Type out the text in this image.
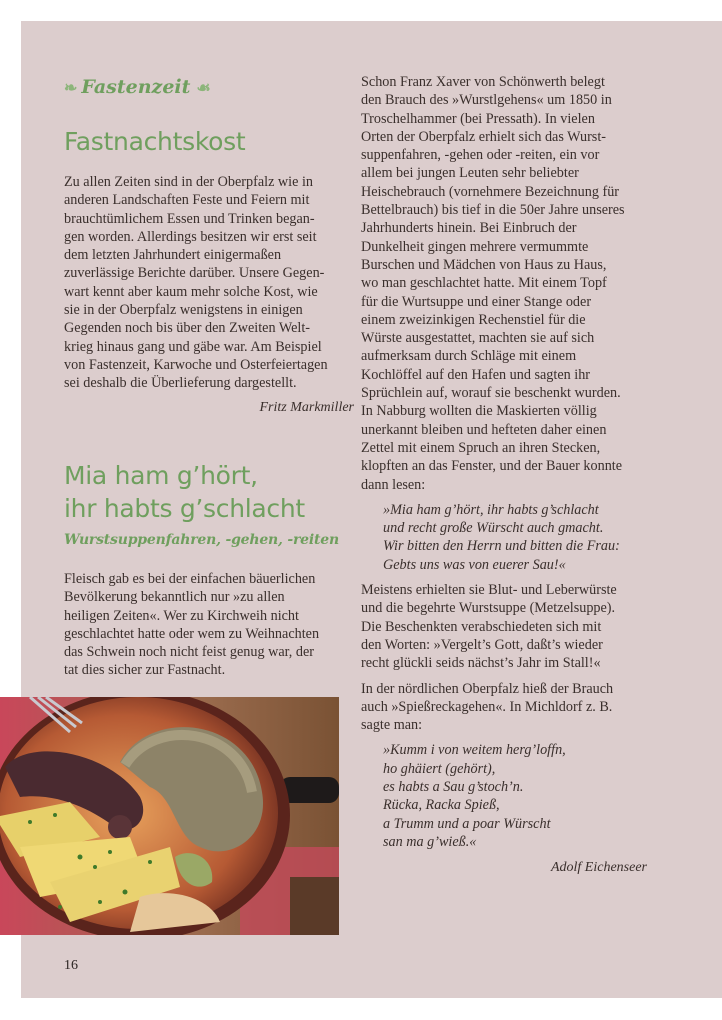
❧ Fastenzeit ☙
Fastnachtskost
Zu allen Zeiten sind in der Oberpfalz wie in
anderen Landschaften Feste und Feiern mit
brauchtümlichem Essen und Trinken began-
gen worden. Allerdings besitzen wir erst seit
dem letzten Jahrhundert einigermaßen
zuverlässige Berichte darüber. Unsere Gegen-
wart kennt aber kaum mehr solche Kost, wie
sie in der Oberpfalz wenigstens in einigen
Gegenden noch bis über den Zweiten Welt-
krieg hinaus gang und gäbe war. Am Beispiel
von Fastenzeit, Karwoche und Osterfeiertagen
sei deshalb die Überlieferung dargestellt.
Fritz Markmiller
Mia ham g’hört,
ihr habts g’schlacht
Wurstsuppenfahren, -gehen, -reiten
Fleisch gab es bei der einfachen bäuerlichen
Bevölkerung bekanntlich nur »zu allen
heiligen Zeiten«. Wer zu Kirchweih nicht
geschlachtet hatte oder wem zu Weihnachten
das Schwein noch nicht feist genug war, der
tat dies sicher zur Fastnacht.
Schon Franz Xaver von Schönwerth belegt
den Brauch des »Wurstlgehens« um 1850 in
Troschelhammer (bei Pressath). In vielen
Orten der Oberpfalz erhielt sich das Wurst-
suppenfahren, -gehen oder -reiten, ein vor
allem bei jungen Leuten sehr beliebter
Heischebrauch (vornehmere Bezeichnung für
Bettelbrauch) bis tief in die 50er Jahre unseres
Jahrhunderts hinein. Bei Einbruch der
Dunkelheit gingen mehrere vermummte
Burschen und Mädchen von Haus zu Haus,
wo man geschlachtet hatte. Mit einem Topf
für die Wurtsuppe und einer Stange oder
einem zweizinkigen Rechenstiel für die
Würste ausgestattet, machten sie auf sich
aufmerksam durch Schläge mit einem
Kochlöffel auf den Hafen und sagten ihr
Sprüchlein auf, worauf sie beschenkt wurden.
In Nabburg wollten die Maskierten völlig
unerkannt bleiben und hefteten daher einen
Zettel mit einem Spruch an ihren Stecken,
klopften an das Fenster, und der Bauer konnte
dann lesen:
»Mia ham g’hört, ihr habts g’schlacht
und recht große Würscht auch gmacht.
Wir bitten den Herrn und bitten die Frau:
Gebts uns was von euerer Sau!«
Meistens erhielten sie Blut- und Leberwürste
und die begehrte Wurstsuppe (Metzelsuppe).
Die Beschenkten verabschiedeten sich mit
den Worten: »Vergelt’s Gott, daßt’s wieder
recht glückli seids nächst’s Jahr im Stall!«
In der nördlichen Oberpfalz hieß der Brauch
auch »Spießreckagehen«. In Michldorf z. B.
sagte man:
»Kumm i von weitem herg’loffn,
ho ghäiert (gehört),
es habts a Sau g’stoch’n.
Rücka, Racka Spieß,
a Trumm und a poar Würscht
san ma g’wieß.«
Adolf Eichenseer
16
